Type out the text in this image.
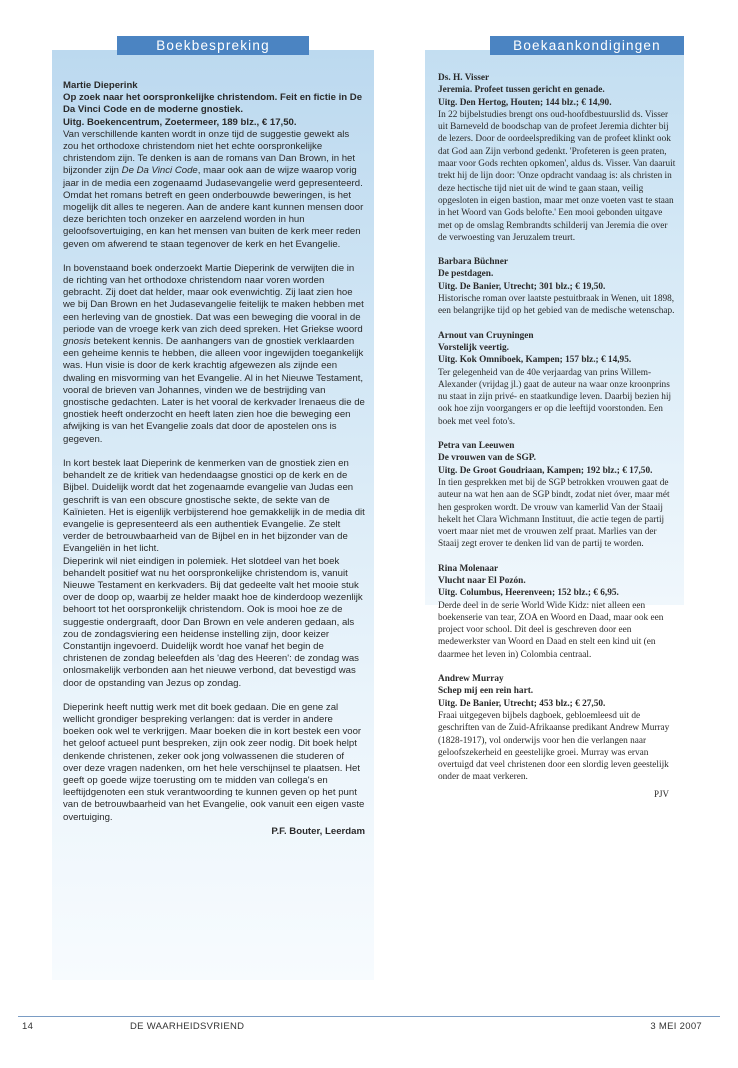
Boekbespreking

Martie Dieperink
Op zoek naar het oorspronkelijke christendom. Feit en fictie in De Da Vinci Code en de moderne gnostiek.
Uitg. Boekencentrum, Zoetermeer, 189 blz., € 17,50.
Van verschillende kanten wordt in onze tijd de suggestie gewekt als zou het orthodoxe christendom niet het echte oorspronkelijke christendom zijn. Te denken is aan de romans van Dan Brown, in het bijzonder zijn De Da Vinci Code, maar ook aan de wijze waarop vorig jaar in de media een zogenaamd Judasevangelie werd gepresenteerd.
Omdat het romans betreft en geen onderbouwde beweringen, is het mogelijk dit alles te negeren. Aan de andere kant kunnen mensen door deze berichten toch onzeker en aarzelend worden in hun geloofsovertuiging, en kan het mensen van buiten de kerk meer reden geven om afwerend te staan tegenover de kerk en het Evangelie.

In bovenstaand boek onderzoekt Martie Dieperink de verwijten die in de richting van het orthodoxe christendom naar voren worden gebracht. Zij doet dat helder, maar ook evenwichtig. Zij laat zien hoe we bij Dan Brown en het Judasevangelie feitelijk te maken hebben met een herleving van de gnostiek. Dat was een beweging die vooral in de periode van de vroege kerk van zich deed spreken. Het Griekse woord gnosis betekent kennis. De aanhangers van de gnostiek verklaarden een geheime kennis te hebben, die alleen voor ingewijden toegankelijk was. Hun visie is door de kerk krachtig afgewezen als zijnde een dwaling en misvorming van het Evangelie. Al in het Nieuwe Testament, vooral de brieven van Johannes, vinden we de bestrijding van gnostische gedachten. Later is het vooral de kerkvader Irenaeus die de gnostiek heeft onderzocht en heeft laten zien hoe die beweging een afwijking is van het Evangelie zoals dat door de apostelen ons is gegeven.

In kort bestek laat Dieperink de kenmerken van de gnostiek zien en behandelt ze de kritiek van hedendaagse gnostici op de kerk en de Bijbel. Duidelijk wordt dat het zogenaamde evangelie van Judas een geschrift is van een obscure gnostische sekte, de sekte van de Kaïnieten. Het is eigenlijk verbijsterend hoe gemakkelijk in de media dit evangelie is gepresenteerd als een authentiek Evangelie. Ze stelt verder de betrouwbaarheid van de Bijbel en in het bijzonder van de Evangeliën in het licht.
Dieperink wil niet eindigen in polemiek. Het slotdeel van het boek behandelt positief wat nu het oorspronkelijke christendom is, vanuit Nieuwe Testament en kerkvaders. Bij dat gedeelte valt het mooie stuk over de doop op, waarbij ze helder maakt hoe de kinderdoop wezenlijk behoort tot het oorspronkelijk christendom. Ook is mooi hoe ze de suggestie ondergraaft, door Dan Brown en vele anderen gedaan, als zou de zondagsviering een heidense instelling zijn, door keizer Constantijn ingevoerd. Duidelijk wordt hoe vanaf het begin de christenen de zondag beleefden als 'dag des Heeren': de zondag was onlosmakelijk verbonden aan het nieuwe verbond, dat bevestigd was door de opstanding van Jezus op zondag.

Dieperink heeft nuttig werk met dit boek gedaan. Die en gene zal wellicht grondiger bespreking verlangen: dat is verder in andere boeken ook wel te verkrijgen. Maar boeken die in kort bestek een voor het geloof actueel punt bespreken, zijn ook zeer nodig. Dit boek helpt denkende christenen, zeker ook jong volwassenen die studeren of over deze vragen nadenken, om het hele verschijnsel te plaatsen. Het geeft op goede wijze toerusting om te midden van collega's en leeftijdgenoten een stuk verantwoording te kunnen geven op het punt van de betrouwbaarheid van het Evangelie, ook vanuit een eigen vaste overtuiging.

P.F. Bouter, Leerdam
Boekaankondigingen
Ds. H. Visser
Jeremia. Profeet tussen gericht en genade.
Uitg. Den Hertog, Houten; 144 blz.; € 14,90.
In 22 bijbelstudies brengt ons oud-hoofdbestuurslid ds. Visser uit Barneveld de boodschap van de profeet Jeremia dichter bij de lezers. Door de oordeelsprediking van de profeet klinkt ook dat God aan Zijn verbond gedenkt. 'Profeteren is geen praten, maar voor Gods rechten opkomen', aldus ds. Visser. Van daaruit trekt hij de lijn door: 'Onze opdracht vandaag is: als christen in deze hectische tijd niet uit de wind te gaan staan, veilig opgesloten in eigen bastion, maar met onze voeten vast te staan in het Woord van Gods belofte.' Een mooi gebonden uitgave met op de omslag Rembrandts schilderij van Jeremia die over de verwoesting van Jeruzalem treurt.
Barbara Büchner
De pestdagen.
Uitg. De Banier, Utrecht; 301 blz.; € 19,50.
Historische roman over laatste pestuitbraak in Wenen, uit 1898, een belangrijke tijd op het gebied van de medische wetenschap.
Arnout van Cruyningen
Vorstelijk veertig.
Uitg. Kok Omniboek, Kampen; 157 blz.; € 14,95.
Ter gelegenheid van de 40e verjaardag van prins Willem-Alexander (vrijdag jl.) gaat de auteur na waar onze kroonprins nu staat in zijn privé- en staatkundige leven. Daarbij bezien hij ook hoe zijn voorgangers er op die leeftijd voorstonden. Een boek met veel foto's.
Petra van Leeuwen
De vrouwen van de SGP.
Uitg. De Groot Goudriaan, Kampen; 192 blz.; € 17,50.
In tien gesprekken met bij de SGP betrokken vrouwen gaat de auteur na wat hen aan de SGP bindt, zodat niet óver, maar mét hen gesproken wordt. De vrouw van kamerlid Van der Staaij hekelt het Clara Wichmann Instituut, die actie tegen de partij voert maar niet met de vrouwen zelf praat. Marlies van der Staaij zegt erover te denken lid van de partij te worden.
Rina Molenaar
Vlucht naar El Pozón.
Uitg. Columbus, Heerenveen; 152 blz.; € 6,95.
Derde deel in de serie World Wide Kidz: niet alleen een boekenserie van tear, ZOA en Woord en Daad, maar ook een project voor school. Dit deel is geschreven door een medewerkster van Woord en Daad en stelt een kind uit (en daarmee het leven in) Colombia centraal.
Andrew Murray
Schep mij een rein hart.
Uitg. De Banier, Utrecht; 453 blz.; € 27,50.
Fraai uitgegeven bijbels dagboek, gebloemleesd uit de geschriften van de Zuid-Afrikaanse predikant Andrew Murray (1828-1917), vol onderwijs voor hen die verlangen naar geloofszekerheid en geestelijke groei. Murray was ervan overtuigd dat veel christenen door een slordig leven geestelijk onder de maat verkeren.
PJV
14	DE WAARHEIDSVRIEND	3 MEI 2007
